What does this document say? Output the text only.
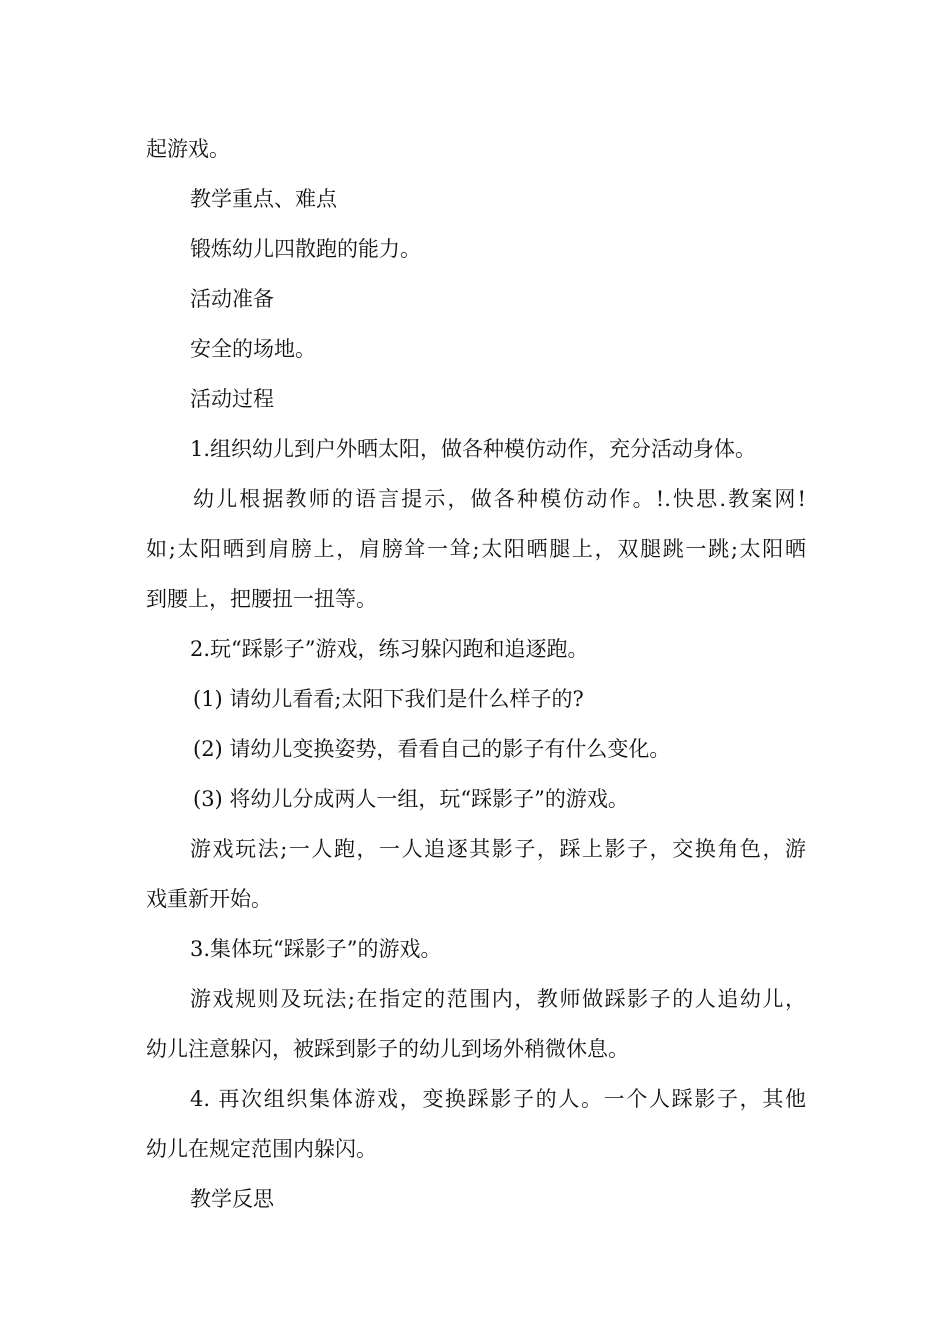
起游戏。
教学重点、难点
锻炼幼儿四散跑的能力。
活动准备
安全的场地。
活动过程
1.组织幼儿到户外晒太阳，做各种模仿动作，充分活动身体。
幼儿根据教师的语言提示，做各种模仿动作。!.快思.教案网!
如;太阳晒到肩膀上，肩膀耸一耸;太阳晒腿上，双腿跳一跳;太阳晒
到腰上，把腰扭一扭等。
2.玩“踩影子”游戏，练习躲闪跑和追逐跑。
(1) 请幼儿看看;太阳下我们是什么样子的?
(2) 请幼儿变换姿势，看看自己的影子有什么变化。
(3) 将幼儿分成两人一组，玩“踩影子”的游戏。
游戏玩法;一人跑，一人追逐其影子，踩上影子，交换角色，游
戏重新开始。
3.集体玩“踩影子”的游戏。
游戏规则及玩法;在指定的范围内，教师做踩影子的人追幼儿，
幼儿注意躲闪，被踩到影子的幼儿到场外稍微休息。
4. 再次组织集体游戏，变换踩影子的人。一个人踩影子，其他
幼儿在规定范围内躲闪。
教学反思
